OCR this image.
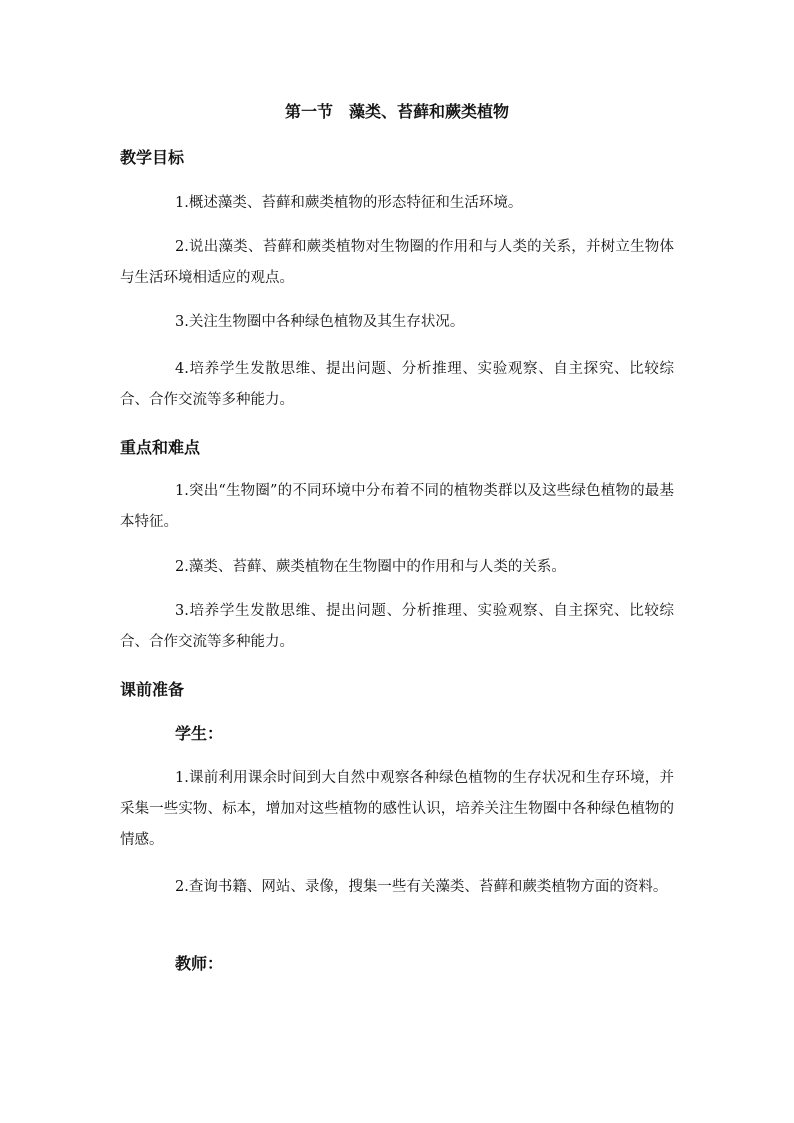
第一节　藻类、苔藓和蕨类植物
教学目标
1.概述藻类、苔藓和蕨类植物的形态特征和生活环境。
2.说出藻类、苔藓和蕨类植物对生物圈的作用和与人类的关系，并树立生物体与生活环境相适应的观点。
3.关注生物圈中各种绿色植物及其生存状况。
4.培养学生发散思维、提出问题、分析推理、实验观察、自主探究、比较综合、合作交流等多种能力。
重点和难点
1.突出“生物圈”的不同环境中分布着不同的植物类群以及这些绿色植物的最基本特征。
2.藻类、苔藓、蕨类植物在生物圈中的作用和与人类的关系。
3.培养学生发散思维、提出问题、分析推理、实验观察、自主探究、比较综合、合作交流等多种能力。
课前准备
学生：
1.课前利用课余时间到大自然中观察各种绿色植物的生存状况和生存环境，并采集一些实物、标本，增加对这些植物的感性认识，培养关注生物圈中各种绿色植物的情感。
2.查询书籍、网站、录像，搜集一些有关藻类、苔藓和蕨类植物方面的资料。
教师：
